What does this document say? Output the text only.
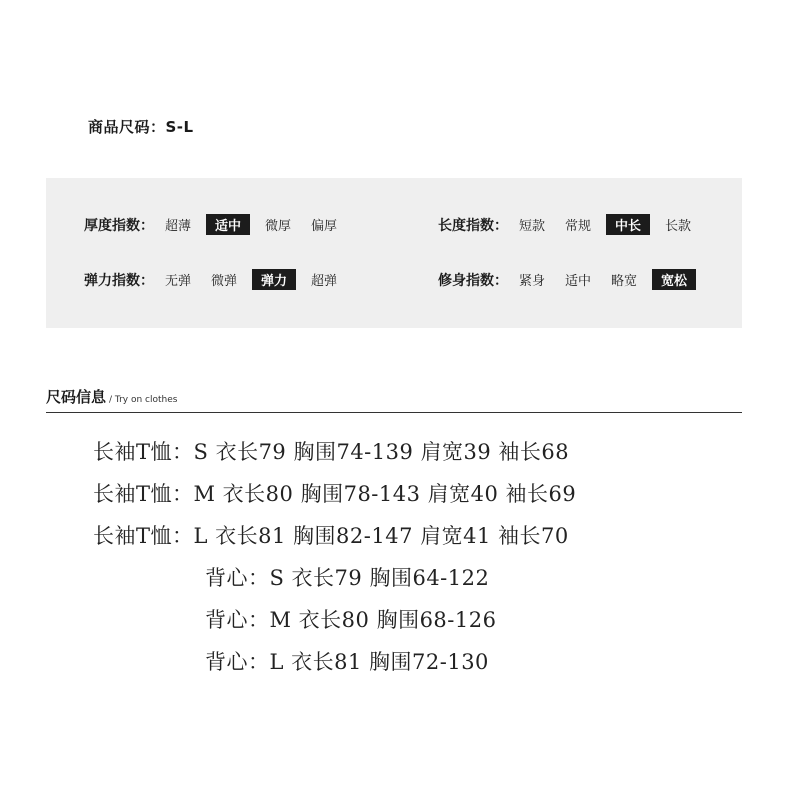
商品尺码：S-L
厚度指数： 超薄	适中	微厚	偏厚	长度指数： 短款	常规	中长	长款
弹力指数： 无弹	微弹	弹力	超弹	修身指数： 紧身	适中	略宽	宽松
尺码信息 / Try on clothes
长袖T恤：S 衣长79 胸围74-139 肩宽39 袖长68
长袖T恤：M 衣长80 胸围78-143 肩宽40 袖长69
长袖T恤：L 衣长81 胸围82-147 肩宽41 袖长70
背心：S 衣长79 胸围64-122
背心：M 衣长80 胸围68-126
背心：L 衣长81 胸围72-130
